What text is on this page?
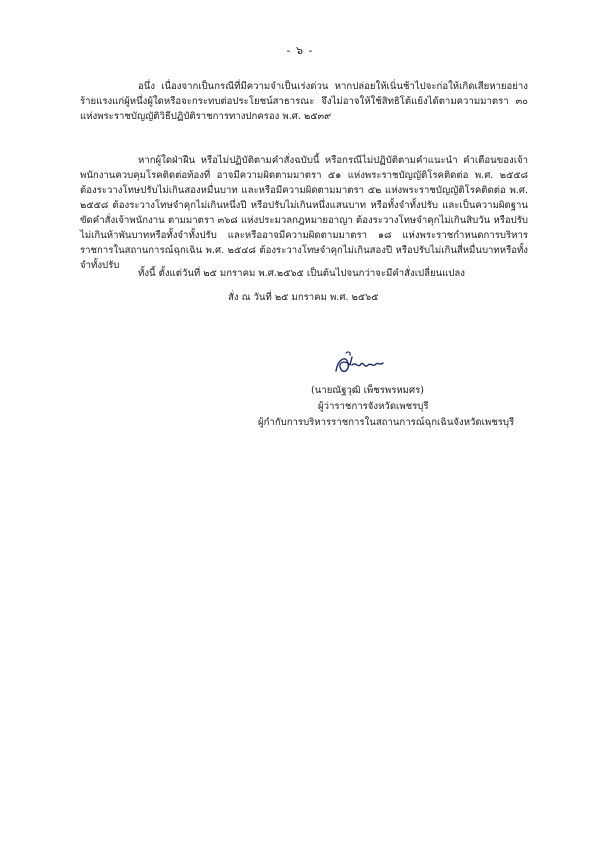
- ๖ -
อนึ่ง เนื่องจากเป็นกรณีที่มีความจำเป็นเร่งด่วน หากปล่อยให้เนิ่นช้าไปจะก่อให้เกิดเสียหายอย่างร้ายแรงแก่ผู้หนึ่งผู้ใดหรือจะกระทบต่อประโยชน์สาธารณะ จึงไม่อาจให้ใช้สิทธิโต้แย้งได้ตามความมาตรา ๓๐ แห่งพระราชบัญญัติวิธีปฏิบัติราชการทางปกครอง พ.ศ. ๒๕๓๙
หากผู้ใดฝ่าฝืน หรือไม่ปฏิบัติตามคำสั่งฉบับนี้ หรือกรณีไม่ปฏิบัติตามคำแนะนำ คำเตือนของเจ้าพนักงานควบคุมโรคติดต่อท้องที่ อาจมีความผิดตามมาตรา ๕๑ แห่งพระราชบัญญัติโรคติดต่อ พ.ศ. ๒๕๕๘ ต้องระวางโทษปรับไม่เกินสองหมื่นบาท และหรือมีความผิดตามมาตรา ๕๒ แห่งพระราชบัญญัติโรคติดต่อ พ.ศ. ๒๕๕๘ ต้องระวางโทษจำคุกไม่เกินหนึ่งปี หรือปรับไม่เกินหนึ่งแสนบาท หรือทั้งจำทั้งปรับ และเป็นความผิดฐานขัดคำสั่งเจ้าพนักงาน ตามมาตรา ๓๖๘ แห่งประมวลกฎหมายอาญา ต้องระวางโทษจำคุกไม่เกินสิบวัน หรือปรับไม่เกินห้าพันบาทหรือทั้งจำทั้งปรับ และหรืออาจมีความผิดตามมาตรา ๑๘ แห่งพระราชกำหนดการบริหารราชการในสถานการณ์ฉุกเฉิน พ.ศ. ๒๕๔๘ ต้องระวางโทษจำคุกไม่เกินสองปี หรือปรับไม่เกินสี่หมื่นบาทหรือทั้งจำทั้งปรับ
ทั้งนี้ ตั้งแต่วันที่ ๒๕ มกราคม พ.ศ.๒๕๖๕ เป็นต้นไปจนกว่าจะมีคำสั่งเปลี่ยนแปลง
สั่ง ณ วันที่ ๒๕ มกราคม พ.ศ. ๒๕๖๕
(นายณัฐวุฒิ เพ็ชรพรหมศร)
ผู้ว่าราชการจังหวัดเพชรบุรี
ผู้กำกับการบริหารราชการในสถานการณ์ฉุกเฉินจังหวัดเพชรบุรี
